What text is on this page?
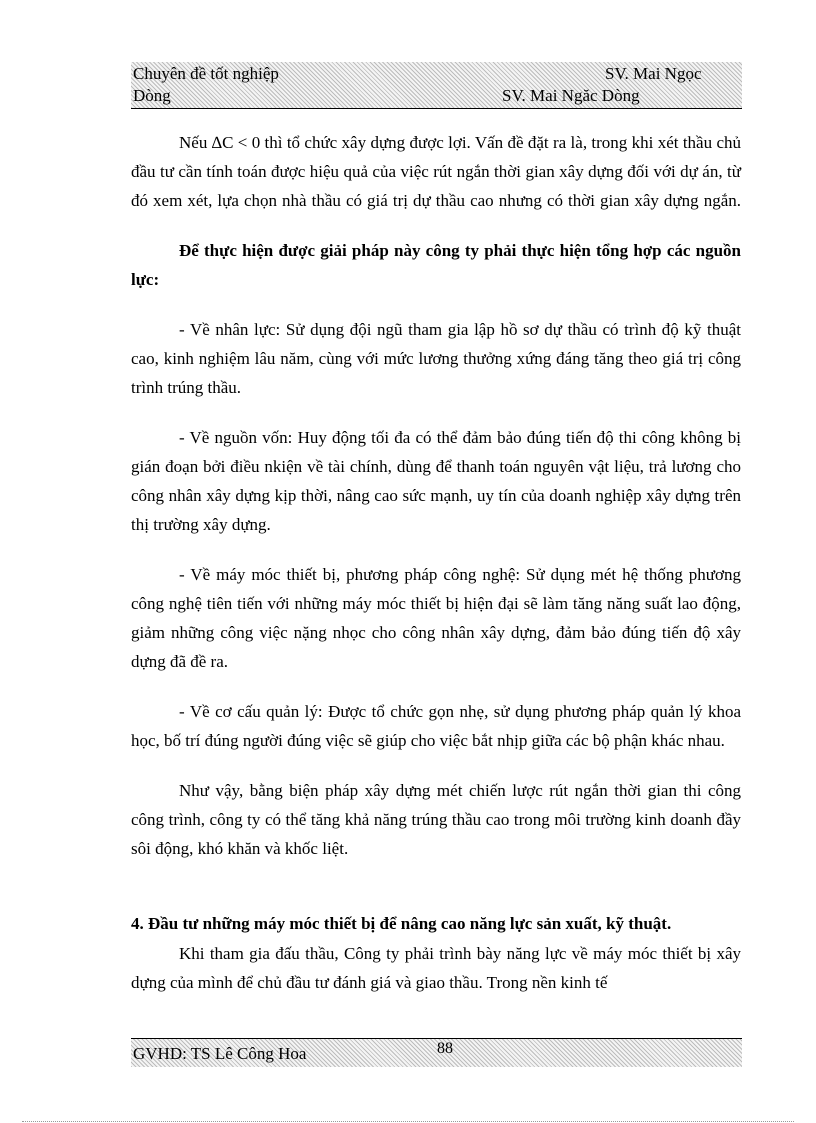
Chuyên đề tốt nghiệp
Dòng
SV. Mai Ngọc
SV. Mai Ngăc Dòng

Nếu ∆C < 0 thì tổ chức xây dựng được lợi. Vấn đề đặt ra là, trong khi xét thầu chủ đầu tư cần tính toán được hiệu quả của việc rút ngắn thời gian xây dựng đối với dự án, từ đó xem xét, lựa chọn nhà thầu có giá trị dự thầu cao nhưng có thời gian xây dựng ngắn.

Để thực hiện được giải pháp này công ty phải thực hiện tổng hợp các nguồn lực:

- Về nhân lực: Sử dụng đội ngũ tham gia lập hồ sơ dự thầu có trình độ kỹ thuật cao, kinh nghiệm lâu năm, cùng với mức lương thưởng xứng đáng tăng theo giá trị công trình trúng thầu.

- Về nguồn vốn: Huy động tối đa có thể đảm bảo đúng tiến độ thi công không bị gián đoạn bởi điều nkiện về tài chính, dùng để thanh toán nguyên vật liệu, trả lương cho công nhân xây dựng kịp thời, nâng cao sức mạnh, uy tín của doanh nghiệp xây dựng trên thị trường xây dựng.

- Về máy móc thiết bị, phương pháp công nghệ: Sử dụng mét hệ thống phương công nghệ tiên tiến với những máy móc thiết bị hiện đại sẽ làm tăng năng suất lao động, giảm những công việc nặng nhọc cho công nhân xây dựng, đảm bảo đúng tiến độ xây dựng đã đề ra.

- Về cơ cấu quản lý: Được tổ chức gọn nhẹ, sử dụng phương pháp quản lý khoa học, bố trí đúng người đúng việc sẽ giúp cho việc bắt nhịp giữa các bộ phận khác nhau.

Như vậy, bằng biện pháp xây dựng mét chiến lược rút ngắn thời gian thi công công trình, công ty có thể tăng khả năng trúng thầu cao trong môi trường kinh doanh đầy sôi động, khó khăn và khốc liệt.

4. Đầu tư những máy móc thiết bị để nâng cao năng lực sản xuất, kỹ thuật.

Khi tham gia đấu thầu, Công ty phải trình bày năng lực về máy móc thiết bị xây dựng của mình để chủ đầu tư đánh giá và giao thầu. Trong nền kinh tế

GVHD: TS Lê Công Hoa	88
